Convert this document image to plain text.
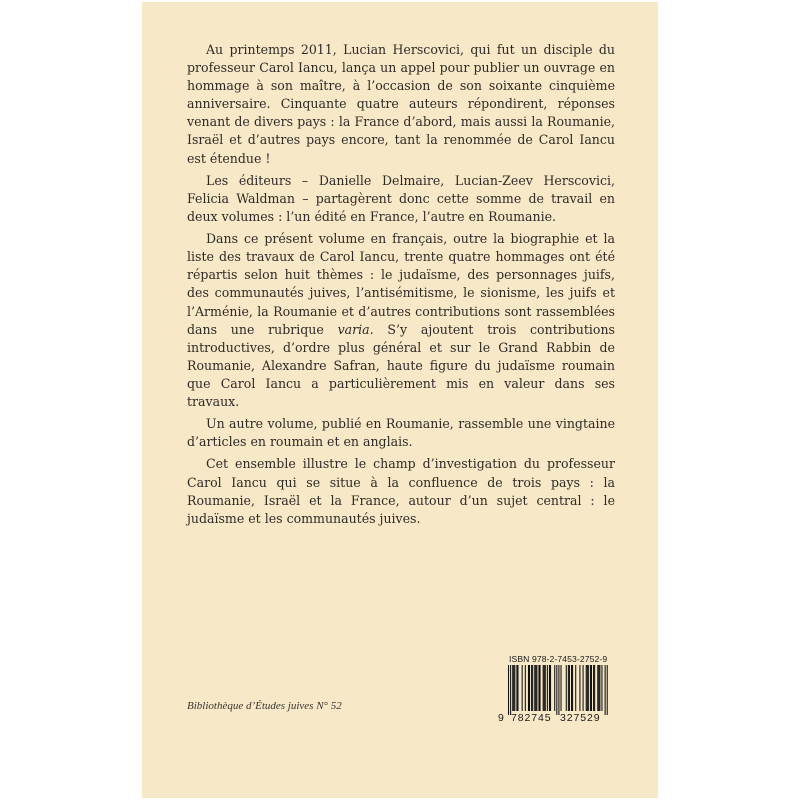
Au printemps 2011, Lucian Herscovici, qui fut un disciple du professeur Carol Iancu, lança un appel pour publier un ouvrage en hommage à son maître, à l’occasion de son soixante cinquième anniversaire. Cinquante quatre auteurs répondirent, réponses venant de divers pays : la France d’abord, mais aussi la Roumanie, Israël et d’autres pays encore, tant la renommée de Carol Iancu est étendue !

Les éditeurs – Danielle Delmaire, Lucian-Zeev Herscovici, Felicia Waldman – partagèrent donc cette somme de travail en deux volumes : l’un édité en France, l’autre en Roumanie.

Dans ce présent volume en français, outre la biographie et la liste des travaux de Carol Iancu, trente quatre hommages ont été répartis selon huit thèmes : le judaïsme, des personnages juifs, des communautés juives, l’antisémitisme, le sionisme, les juifs et l’Arménie, la Roumanie et d’autres contributions sont rassemblées dans une rubrique varia. S’y ajoutent trois contributions introductives, d’ordre plus général et sur le Grand Rabbin de Roumanie, Alexandre Safran, haute figure du judaïsme roumain que Carol Iancu a particulièrement mis en valeur dans ses travaux.

Un autre volume, publié en Roumanie, rassemble une vingtaine d’articles en roumain et en anglais.

Cet ensemble illustre le champ d’investigation du professeur Carol Iancu qui se situe à la confluence de trois pays : la Roumanie, Israël et la France, autour d’un sujet central : le judaïsme et les communautés juives.

Bibliothèque d’Études juives N° 52
ISBN 978-2-7453-2752-9
9 782745 327529
